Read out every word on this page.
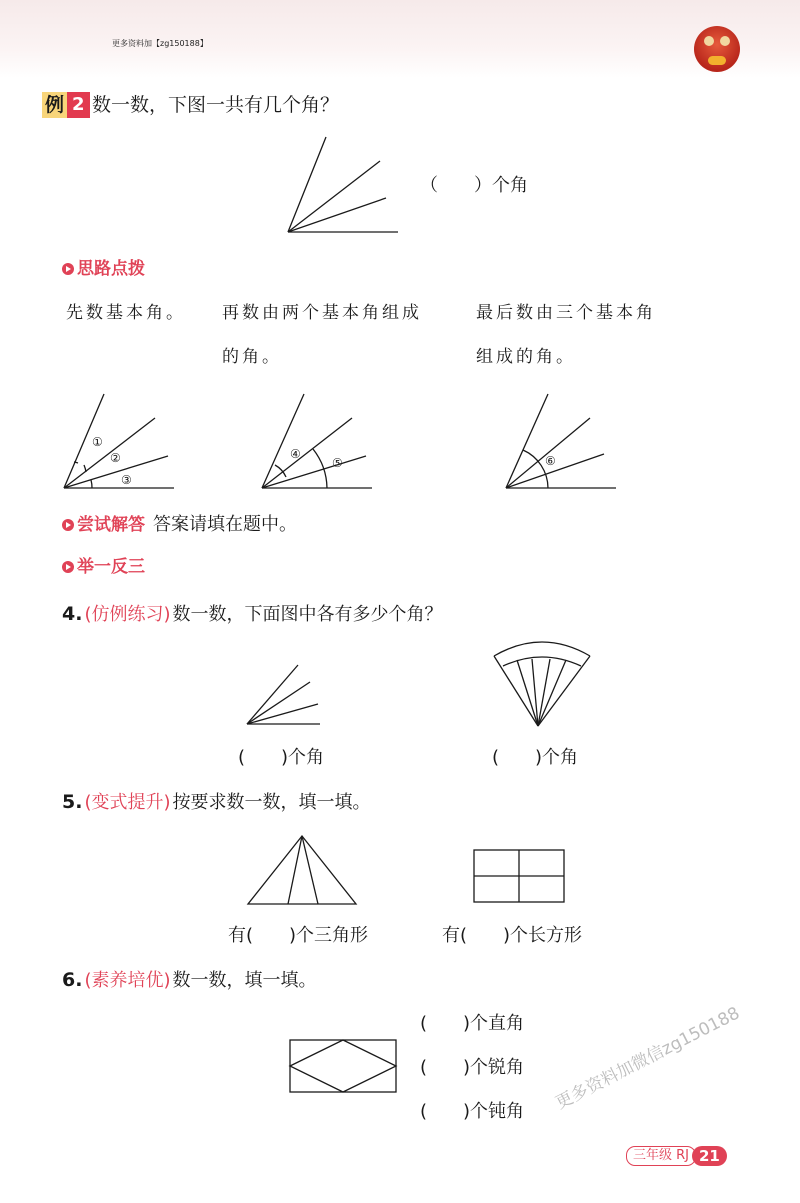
更多资料加【zg150188】
例 2 数一数，下图一共有几个角？
①
②
③
④
⑤	⑥
（　　）个角
思路点拨
先数基本角。 再数由两个基本角组成
的角。
最后数由三个基本角
组成的角。
尝试解答 答案请填在题中。
举一反三
4. (仿例练习) 数一数，下面图中各有多少个角？
(　　)个角	(　　)个角
5. (变式提升) 按要求数一数，填一填。
有(　　)个三角形	有(　　)个长方形
6. (素养培优) 数一数，填一填。
(　　)个直角
(　　)个锐角
(　　)个钝角 更多资料加微信zg150188
三年级 RJ 21
